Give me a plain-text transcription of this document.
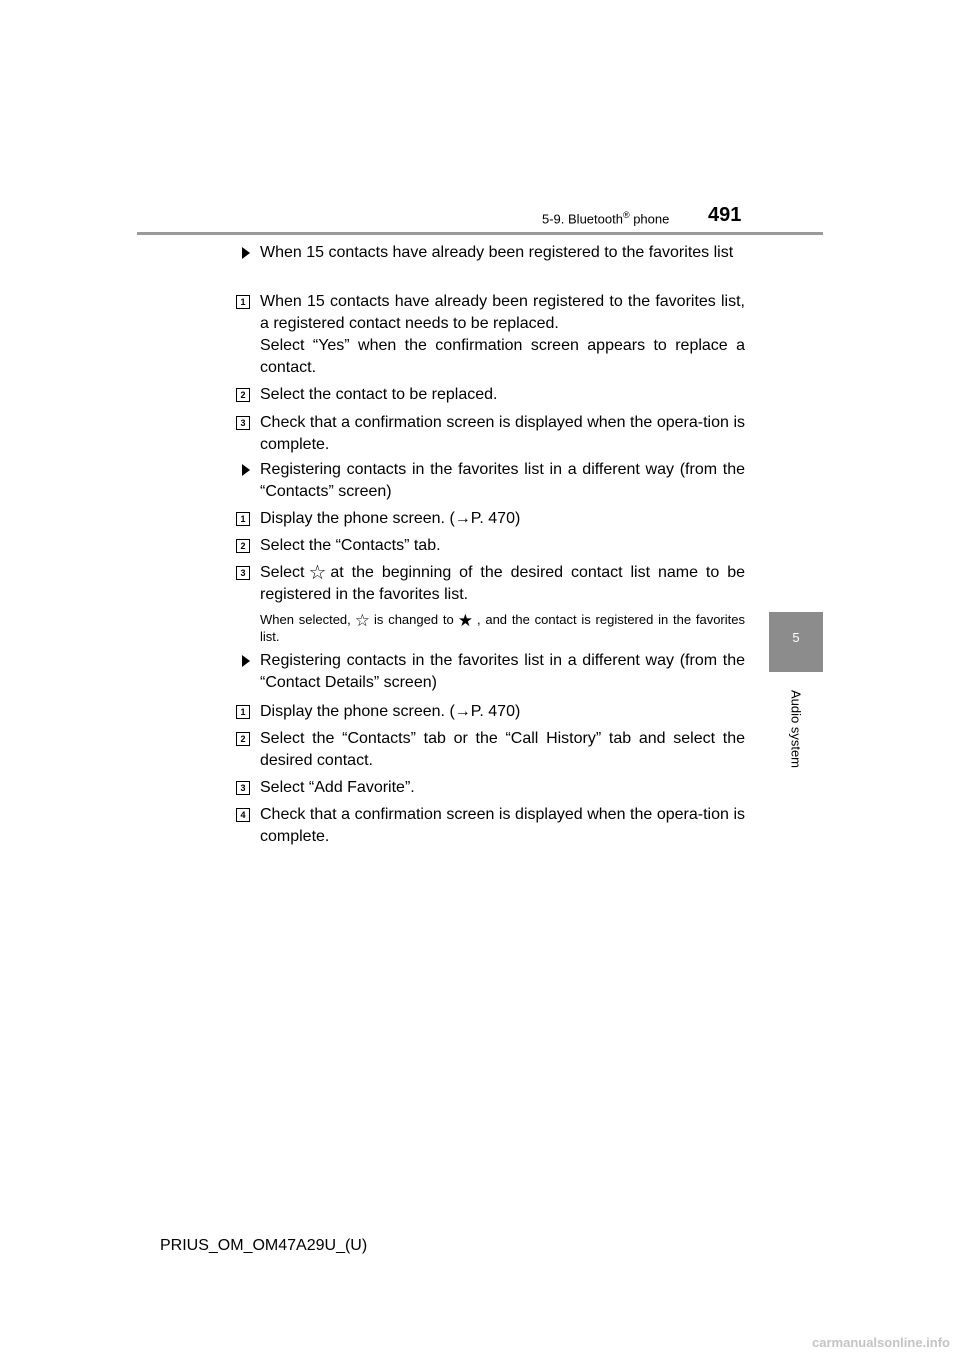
5-9. Bluetooth® phone 491
5
Audio system
When 15 contacts have already been registered to the favorites list
1 When 15 contacts have already been registered to the favorites list, a registered contact needs to be replaced.
Select “Yes” when the confirmation screen appears to replace a contact.
2 Select the contact to be replaced.
3 Check that a confirmation screen is displayed when the opera-tion is complete.
Registering contacts in the favorites list in a different way (from the “Contacts” screen)
1 Display the phone screen. (→P. 470)
2 Select the “Contacts” tab.
3 Select ☆ at the beginning of the desired contact list name to be registered in the favorites list.
When selected, ☆ is changed to ★ , and the contact is registered in the favorites list.
Registering contacts in the favorites list in a different way (from the “Contact Details” screen)
1 Display the phone screen. (→P. 470)
2 Select the “Contacts” tab or the “Call History” tab and select the desired contact.
3 Select “Add Favorite”.
4 Check that a confirmation screen is displayed when the opera-tion is complete.
PRIUS_OM_OM47A29U_(U)
carmanualsonline.info
